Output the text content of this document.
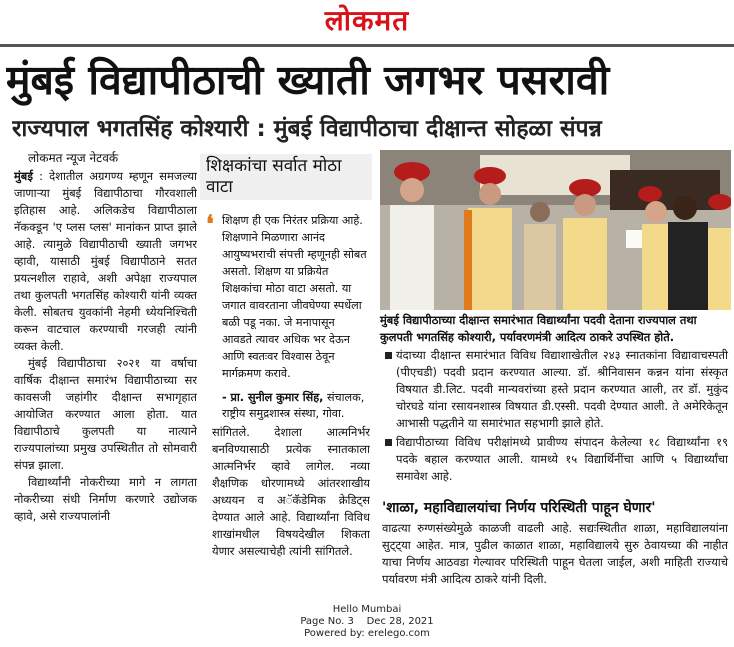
लोकमत
मुंबई विद्यापीठाची ख्याती जगभर पसरावी
राज्यपाल भगतसिंह कोश्यारी : मुंबई विद्यापीठाचा दीक्षान्त सोहळा संपन्न
लोकमत न्यूज नेटवर्क

मुंबई : देशातील अग्रगण्य म्हणून समजल्या जाणाऱ्या मुंबई विद्यापीठाचा गौरवशाली इतिहास आहे. अलिकडेच विद्यापीठाला नॅकक्डून 'ए प्लस प्लस' मानांकन प्राप्त झाले आहे. त्यामुळे विद्यापीठाची ख्याती जगभर व्हावी, यासाठी मुंबई विद्यापीठाने सतत प्रयत्नशील राहावे, अशी अपेक्षा राज्यपाल तथा कुलपती भगतसिंह कोश्यारी यांनी व्यक्त केली. सोबतच युवकांनी नेहमी ध्येयनिश्चिती करून वाटचाल करण्याची गरजही त्यांनी व्यक्त केली.

मुंबई विद्यापीठाचा २०२१ या वर्षाचा वार्षिक दीक्षान्त समारंभ विद्यापीठाच्या सर कावसजी जहांगीर दीक्षान्त सभागृहात आयोजित करण्यात आला होता. यात विद्यापीठाचे कुलपती या नात्याने राज्यपालांच्या प्रमुख उपस्थितीत तो सोमवारी संपन्न झाला.

विद्यार्थ्यांनी नोकरीच्या मागे न लागता नोकरीच्या संधी निर्माण करणारे उद्योजक व्हावे, असे राज्यपालांनी

शिक्षकांचा सर्वात मोठा वाटा
❛ शिक्षण ही एक निरंतर प्रक्रिया आहे. शिक्षणाने मिळणारा आनंद आयुष्यभराची संपत्ती म्हणूनही सोबत असतो. शिक्षण या प्रक्रियेत शिक्षकांचा मोठा वाटा असतो. या जगात वावरताना जीवघेण्या स्पर्धेला बळी पडू नका. जे मनापासून आवडते त्यावर अधिक भर देऊन आणि स्वतःवर विश्वास ठेवून मार्गक्रमण करावे.
- प्रा. सुनील कुमार सिंह, संचालक, राष्ट्रीय समुद्रशास्त्र संस्था, गोवा.

सांगितले. देशाला आत्मनिर्भर बनविण्यासाठी प्रत्येक स्नातकाला आत्मनिर्भर व्हावे लागेल. नव्या शैक्षणिक धोरणामध्ये आंतरशाखीय अध्ययन व अॅकॅडेमिक क्रेडिट्स देण्यात आले आहे. विद्यार्थ्यांना विविध शाखांमधील विषयदेखील शिकता येणार असल्याचेही त्यांनी सांगितले.

मुंबई विद्यापीठाच्या दीक्षान्त समारंभात विद्यार्थ्यांना पदवी देताना राज्यपाल तथा कुलपती भगतसिंह कोश्यारी, पर्यावरणमंत्री आदित्य ठाकरे उपस्थित होते.
यंदाच्या दीक्षान्त समारंभात विविध विद्याशाखेतील २४३ स्नातकांना विद्यावाचस्पती (पीएचडी) पदवी प्रदान करण्यात आल्या. डॉ. श्रीनिवासन कन्नन यांना संस्कृत विषयात डी.लिट. पदवी मान्यवरांच्या हस्ते प्रदान करण्यात आली, तर डॉ. मुकुंद चोरघडे यांना रसायनशास्त्र विषयात डी.एस्सी. पदवी देण्यात आली. ते अमेरिकेतून आभासी पद्धतीने या समारंभात सहभागी झाले होते.
विद्यापीठाच्या विविध परीक्षांमध्ये प्रावीण्य संपादन केलेल्या १८ विद्यार्थ्यांना १९ पदके बहाल करण्यात आली. यामध्ये १५ विद्यार्थिनींचा आणि ५ विद्यार्थ्यांचा समावेश आहे.
'शाळा, महाविद्यालयांचा निर्णय परिस्थिती पाहून घेणार'
वाढत्या रुग्णसंख्येमुळे काळजी वाढली आहे. सद्यःस्थितीत शाळा, महाविद्यालयांना सुट्ट्या आहेत. मात्र, पुढील काळात शाळा, महाविद्यालये सुरु ठेवायच्या की नाहीत याचा निर्णय आठवडा गेल्यावर परिस्थिती पाहून घेतला जाईल, अशी माहिती राज्याचे पर्यावरण मंत्री आदित्य ठाकरे यांनी दिली.
Hello Mumbai
Page No. 3    Dec 28, 2021
Powered by: erelego.com
